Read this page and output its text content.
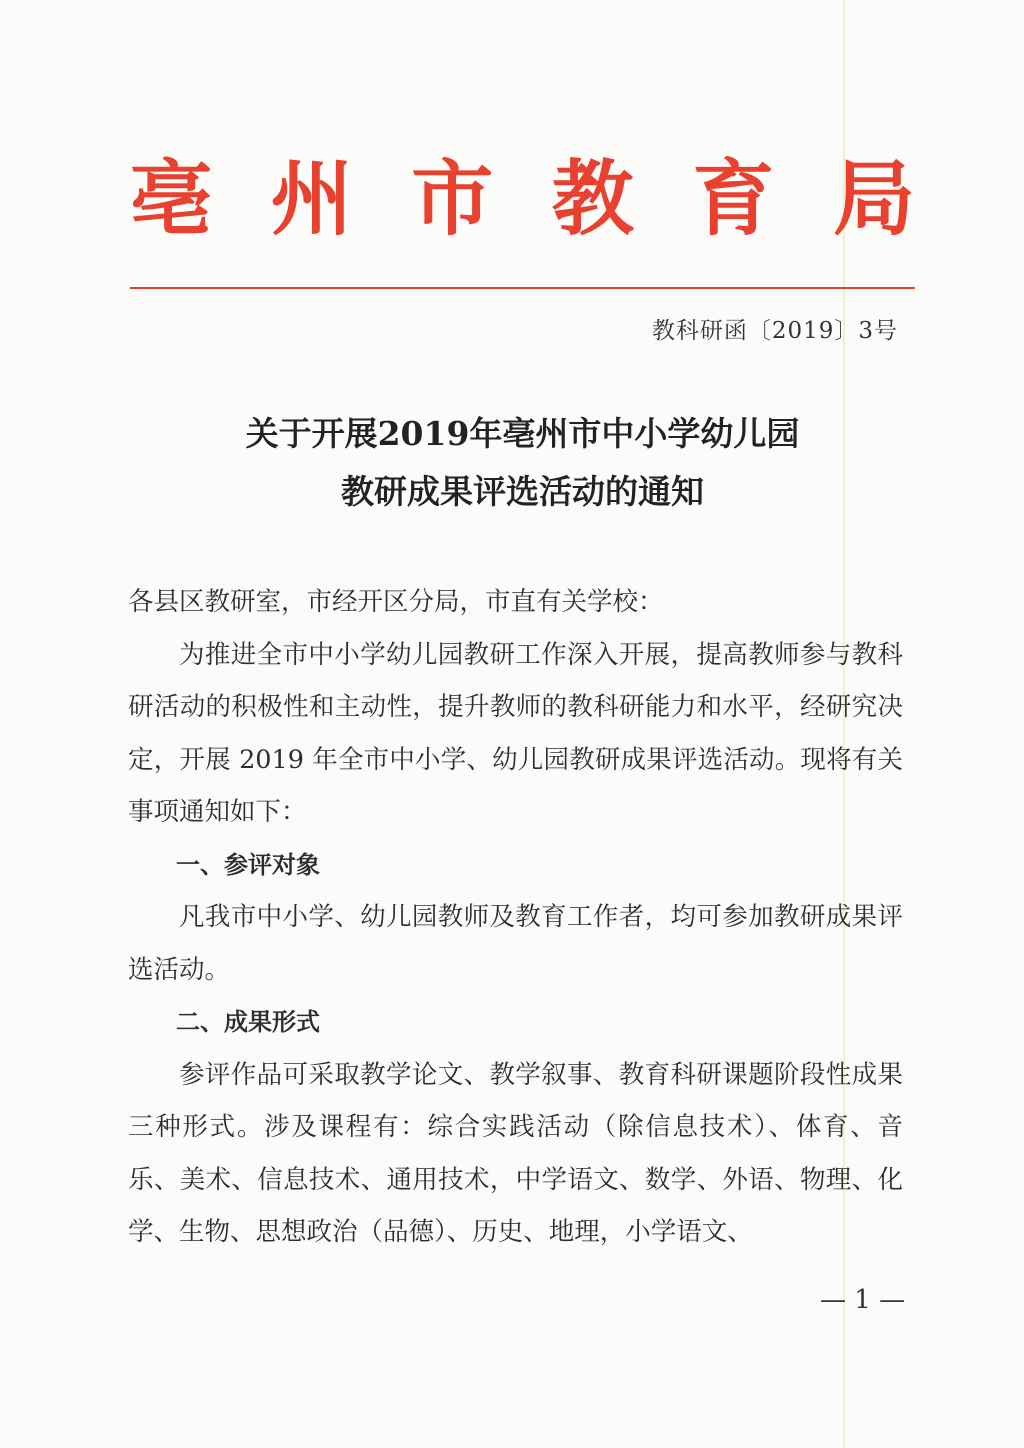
亳 州 市 教 育 局
教科研函〔2019〕3号
关于开展2019年亳州市中小学幼儿园
教研成果评选活动的通知

各县区教研室，市经开区分局，市直有关学校：

为推进全市中小学幼儿园教研工作深入开展，提高教师参与教科研活动的积极性和主动性，提升教师的教科研能力和水平，经研究决定，开展 2019 年全市中小学、幼儿园教研成果评选活动。现将有关事项通知如下：

一、参评对象

凡我市中小学、幼儿园教师及教育工作者，均可参加教研成果评选活动。

二、成果形式

参评作品可采取教学论文、教学叙事、教育科研课题阶段性成果三种形式。涉及课程有：综合实践活动（除信息技术）、体育、音乐、美术、信息技术、通用技术，中学语文、数学、外语、物理、化学、生物、思想政治（品德）、历史、地理，小学语文、

— 1 —
